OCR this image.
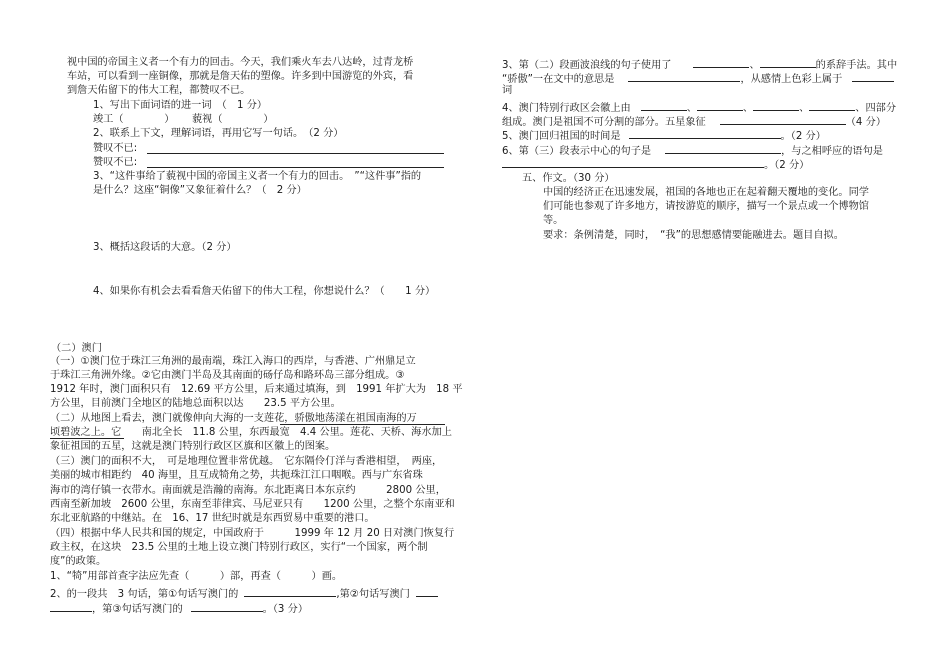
视中国的帝国主义者一个有力的回击。今天，我们乘火车去八达岭，过青龙桥
车站，可以看到一座铜像，那就是詹天佑的塑像。许多到中国游览的外宾，看
到詹天佑留下的伟大工程，都赞叹不已。
1、写出下面词语的进一词　（　1 分）
竣工（　　　　） 藐视（　　　　）
2、联系上下文，理解词语，再用它写一句话。　（2 分）
赞叹不已:
赞叹不已:
3、“这件事给了藐视中国的帝国主义者一个有力的回击。　”“这件事”指的
是什么？这座“铜像”又象征着什么？（　2 分）
3、概括这段话的大意。（2 分）
4、如果你有机会去看看詹天佑留下的伟大工程，你想说什么？（　　1 分）
（二）澳门
（一）①澳门位于珠江三角洲的最南端，珠江入海口的西岸，与香港、广州鼎足立
于珠江三角洲外缘。②它由澳门半岛及其南面的砀仔岛和路环岛三部分组成。③
1912 年时，澳门面积只有　12.69 平方公里，后来通过填海，到　1991 年扩大为　18 平
方公里，目前澳门全地区的陆地总面积以达　　23.5 平方公里。
（二）从地图上看去，澳门就像伸向大海的一支莲花，骄傲地荡漾在祖国南海的万
顷碧波之上。它　　南北全长　11.8 公里，东西最宽　4.4 公里。莲花、天桥、海水加上
象征祖国的五星，这就是澳门特别行政区区旗和区徽上的图案。
（三）澳门的面积不大，　可是地理位置非常优越。　它东隔伶仃洋与香港相望，　两座，
美丽的城市相距约　40 海里，且互成犄角之势，共扼珠江江口咽喉。西与广东省珠
海市的湾仔镇一衣带水。南面就是浩瀚的南海。东北距离日本东京约　　　2800 公里，
西南至新加坡　2600 公里，东南至菲律宾、马尼亚只有　　1200 公里，之整个东南亚和
东北亚航路的中继站。在　16、17 世纪时就是东西贸易中重要的港口。
（四）根据中华人民共和国的规定，中国政府于　　　1999 年 12 月 20 日对澳门恢复行
政主权，在这块　23.5 公里的土地上设立澳门特别行政区，实行“一个国家，两个制
度”的政策。
1、“犄”用部首查字法应先查（　　　）部，再查（　　　）画。
2、的一段共　3 句话，第①句话写澳门的	,第②句话写澳门
，第③句话写澳门的	。（3 分）
3、第（二）段画波浪线的句子使用了	、	的系辞手法。其中
“骄傲”一在文中的意思是	，从感情上色彩上属于
词
4、澳门特别行政区会徽上由	、	、	、	、四部分
组成。澳门是祖国不可分割的部分。五星象征	（4 分）
5、澳门回归祖国的时间是	。（2 分）
6、第（三）段表示中心的句子是	，与之相呼应的语句是
。（2 分）
五、作文。（30 分）
中国的经济正在迅速发展，祖国的各地也正在起着翻天覆地的变化。同学
们可能也参观了许多地方，请按游览的顺序，描写一个景点或一个博物馆
等。
要求：条例清楚，同时，　“我”的思想感情要能融进去。题目自拟。
